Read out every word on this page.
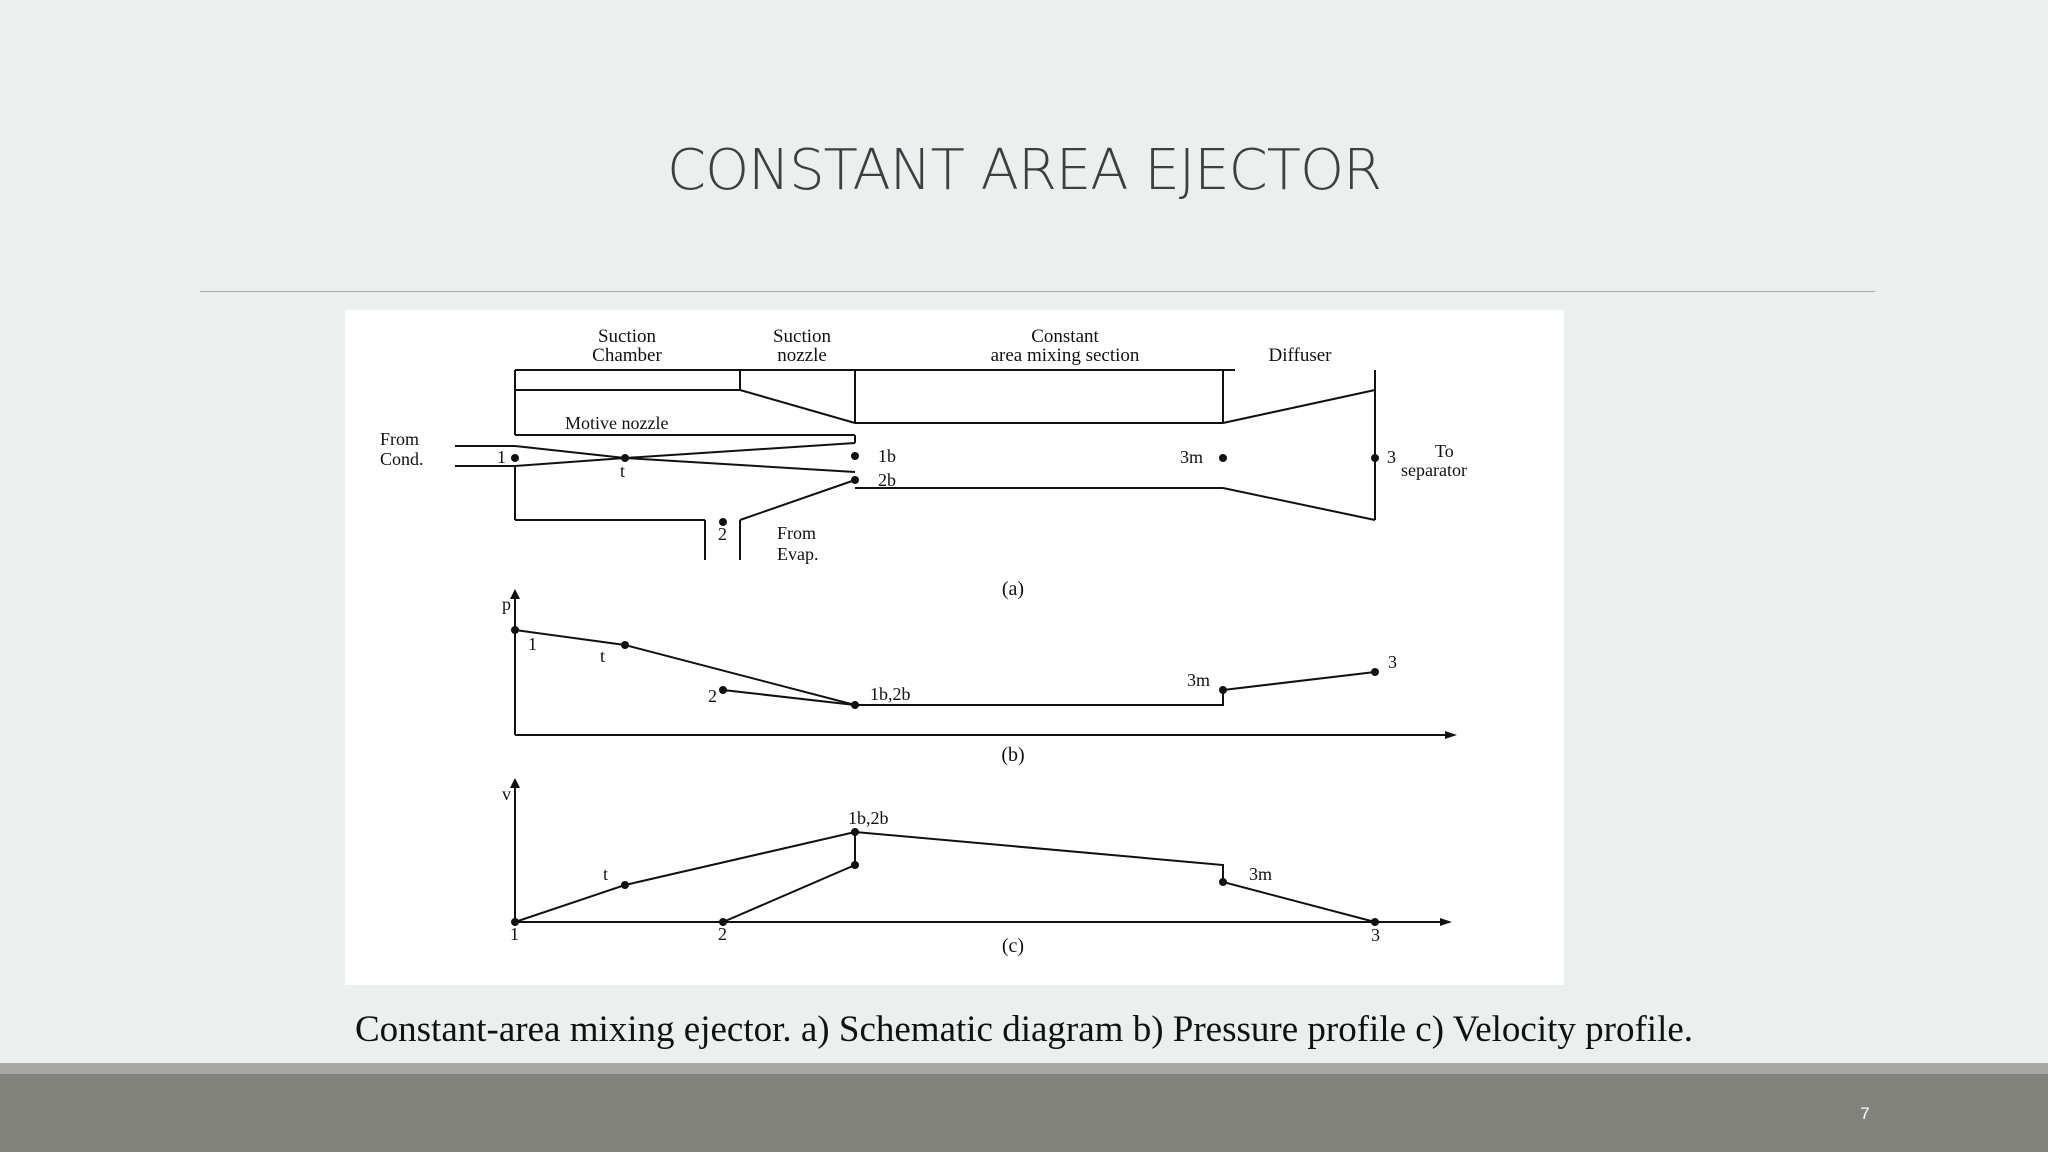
CONSTANT AREA EJECTOR
Suction
Chamber
Suction
nozzle
Constant
area mixing section	Diffuser
Motive nozzle
From
Cond.	1
t
1b
2b
2	From
Evap.
3m	3 To
separator
(a)
p
1
t
2	1b,2b
3m
3
(b)
v
1
t
2
1b,2b
3m
3
(c)
Constant-area mixing ejector. a) Schematic diagram b) Pressure profile c) Velocity profile.
7
